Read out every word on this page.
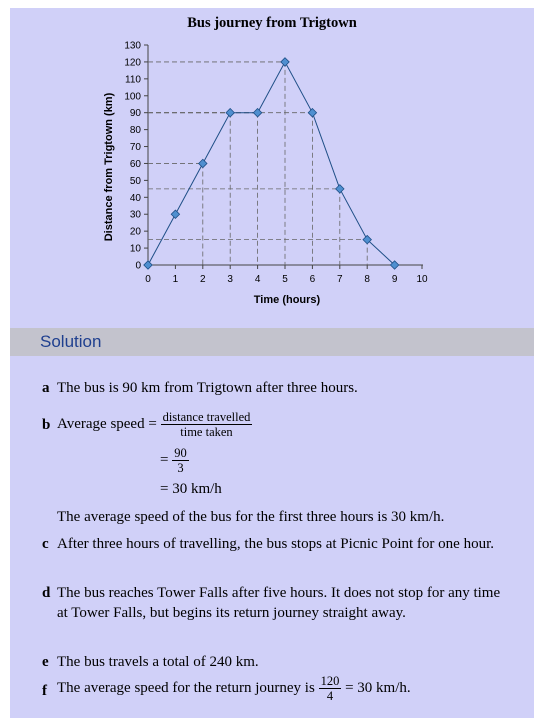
Bus journey from Trigtown
0 1 2 3 4 5 6 7 8 9 10
0
10
20
30
40
50
60
70
80
90
100
110
120
130
Time (hours)
Distance from Trigtown (km)
Solution
a The bus is 90 km from Trigtown after three hours.
b Average speed = $\frac{\text{distance travelled}}{\text{time taken}}$
= $\frac{90}{3}$
= 30 km/h
The average speed of the bus for the first three hours is 30 km/h.
c After three hours of travelling, the bus stops at Picnic Point for one hour.
d The bus reaches Tower Falls after five hours. It does not stop for any time at Tower Falls, but begins its return journey straight away.
e The bus travels a total of 240 km.
f The average speed for the return journey is $\frac{120}{4} = 30$ km/h.
